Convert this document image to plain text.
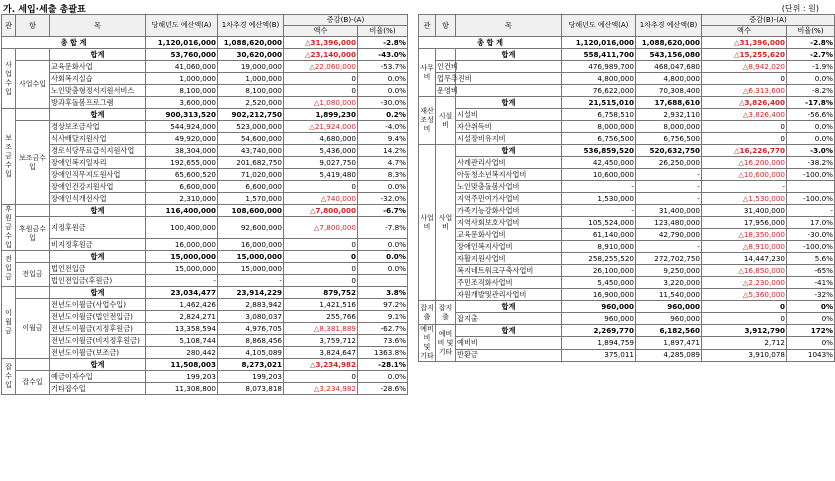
가. 세입·세출 총괄표	(단위 : 원)
관	항	목	당해년도 예산액(A)	1차추경 예산액(B)	증감(B)-(A)	
					액수	비율(%)
총 합 계			1,120,016,000	1,088,620,000	△31,396,000	-2.8%
사업수입		합계	53,760,000	30,620,000	△23,140,000	-43.0%
	사업수입	교육문화사업	41,060,000	19,000,000	△22,060,000	-53.7%
		사회복지실습	1,000,000	1,000,000	0	0.0%
		노인맞춤형정서지원서비스	8,100,000	8,100,000	0	0.0%
		방과후돌봄프로그램	3,600,000	2,520,000	△1,080,000	-30.0%
보조금수입		합계	900,313,520	902,212,750	1,899,230	0.2%
	보조금수입	경상보조금사업	544,924,000	523,000,000	△21,924,000	-4.0%
		식사배달지원사업	49,920,000	54,600,000	4,680,000	9.4%
		경로식당무료급식지원사업	38,304,000	43,740,000	5,436,000	14.2%
		장애인복지일자리	192,655,000	201,682,750	9,027,750	4.7%
		장애인직무지도원사업	65,600,520	71,020,000	5,419,480	8.3%
		장애인건강지원사업	6,600,000	6,600,000	0	0.0%
		장애인식개선사업	2,310,000	1,570,000	△740,000	-32.0%
후원금수입		합계	116,400,000	108,600,000	△7,800,000	-6.7%
	후원금수입	지정후원금	100,400,000	92,600,000	△7,800,000	-7.8%
		비지정후원금	16,000,000	16,000,000	0	0.0%
전입금		합계	15,000,000	15,000,000	0	0.0%
	전입금	법인전입금	15,000,000	15,000,000	0	0.0%
		법인전입금(후원금)	-	-	0	
이월금		합계	23,034,477	23,914,229	879,752	3.8%
	이월금	전년도이월금(사업수입)	1,462,426	2,883,942	1,421,516	97.2%
		전년도이월금(법인전입금)	2,824,271	3,080,037	255,766	9.1%
		전년도이월금(지정후원금)	13,358,594	4,976,705	△8,381,889	-62.7%
		전년도이월금(비지정후원금)	5,108,744	8,868,456	3,759,712	73.6%
		전년도이월금(보조금)	280,442	4,105,089	3,824,647	1363.8%
잡수입		합계	11,508,003	8,273,021	△3,234,982	-28.1%
	잡수입	예금이자수입	199,203	199,203	0	0.0%
		기타잡수입	11,308,800	8,073,818	△3,234,982	-28.6%
관	항	목	당해년도 예산액(A)	1차추경 예산액(B)	증감(B)-(A)	
					액수	비율(%)
총 합 계			1,120,016,000	1,088,620,000	△31,396,000	-2.8%
사무비		합계	558,411,700	543,156,080	△15,255,620	-2.7%
	인건비		476,989,700	468,047,680	△8,942,020	-1.9%
	업무추진비		4,800,000	4,800,000	0	0.0%
	운영비		76,622,000	70,308,400	△6,313,600	-8.2%
재산조성비	시설비	합계	21,515,010	17,688,610	△3,826,400	-17.8%
		시설비	6,758,510	2,932,110	△3,826,400	-56.6%
		자산취득비	8,000,000	8,000,000	0	0.0%
		시설장비유지비	6,756,500	6,756,500	0	0.0%
사업비	사업비	합계	536,859,520	520,632,750	△16,226,770	-3.0%
		사례관리사업비	42,450,000	26,250,000	△16,200,000	-38.2%
		아동청소년복지사업비	10,600,000	-	△10,600,000	-100.0%
		노인맞춤돌봄사업비	-	-	-	
		지역주민여가사업비	1,530,000	-	△1,530,000	-100.0%
		가족기능강화사업비	-	31,400,000	31,400,000	-
		지역사회보호사업비	105,524,000	123,480,000	17,956,000	17.0%
		교육문화사업비	61,140,000	42,790,000	△18,350,000	-30.0%
		장애인복지사업비	8,910,000	-	△8,910,000	-100.0%
		자활지원사업비	258,255,520	272,702,750	14,447,230	5.6%
		복지네트워크구축사업비	26,100,000	9,250,000	△16,850,000	-65%
		주민조직화사업비	5,450,000	3,220,000	△2,230,000	-41%
		자원개발및관리사업비	16,900,000	11,540,000	△5,360,000	-32%
잡지출	잡지출	합계	960,000	960,000	0	0%
		잡지출	960,000	960,000	0	0%
예비비 및 기타	예비비 및 기타	합계	2,269,770	6,182,560	3,912,790	172%
		예비비	1,894,759	1,897,471	2,712	0%
		반환금	375,011	4,285,089	3,910,078	1043%
